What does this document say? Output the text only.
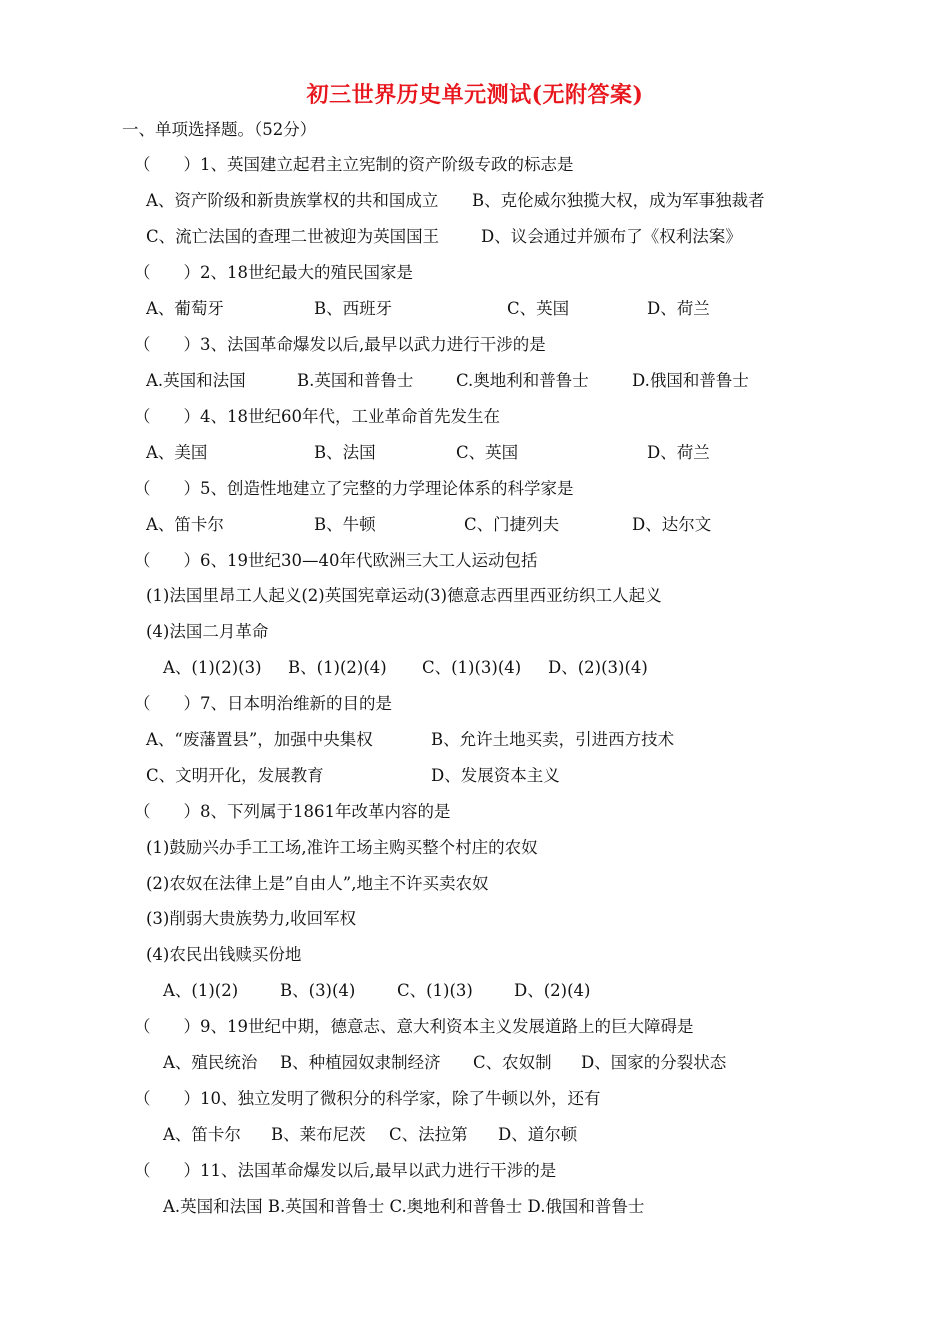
初三世界历史单元测试(无附答案)
一、单项选择题。（52分）
（　　）1、英国建立起君主立宪制的资产阶级专政的标志是
A、资产阶级和新贵族掌权的共和国成立 B、克伦威尔独揽大权，成为军事独裁者
C、流亡法国的查理二世被迎为英国国王	D、议会通过并颁布了《权利法案》
（　　）2、18世纪最大的殖民国家是
A、葡萄牙	B、西班牙	C、英国	D、荷兰
（　　）3、法国革命爆发以后,最早以武力进行干涉的是
A.英国和法国	B.英国和普鲁士	C.奥地利和普鲁士	D.俄国和普鲁士
（　　）4、18世纪60年代，工业革命首先发生在
A、美国	B、法国	C、英国	D、荷兰
（　　）5、创造性地建立了完整的力学理论体系的科学家是
A、笛卡尔	B、牛顿	C、门捷列夫	D、达尔文
（　　）6、19世纪30—40年代欧洲三大工人运动包括
(1)法国里昂工人起义(2)英国宪章运动(3)德意志西里西亚纺织工人起义
(4)法国二月革命
A、(1)(2)(3) B、(1)(2)(4) C、(1)(3)(4) D、(2)(3)(4)
（　　）7、日本明治维新的目的是
A、“废藩置县”，加强中央集权	B、允许土地买卖，引进西方技术
C、文明开化，发展教育	D、发展资本主义
（　　）8、下列属于1861年改革内容的是
(1)鼓励兴办手工工场,准许工场主购买整个村庄的农奴
(2)农奴在法律上是”自由人”,地主不许买卖农奴
(3)削弱大贵族势力,收回军权
(4)农民出钱赎买份地
A、(1)(2)	B、(3)(4)	C、(1)(3) D、(2)(4)
（　　）9、19世纪中期，德意志、意大利资本主义发展道路上的巨大障碍是
A、殖民统治 B、种植园奴隶制经济 C、农奴制 D、国家的分裂状态
（　　）10、独立发明了微积分的科学家，除了牛顿以外，还有
A、笛卡尔 B、莱布尼茨 C、法拉第 D、道尔顿
（　　）11、法国革命爆发以后,最早以武力进行干涉的是
A.英国和法国 B.英国和普鲁士 C.奥地利和普鲁士 D.俄国和普鲁士
